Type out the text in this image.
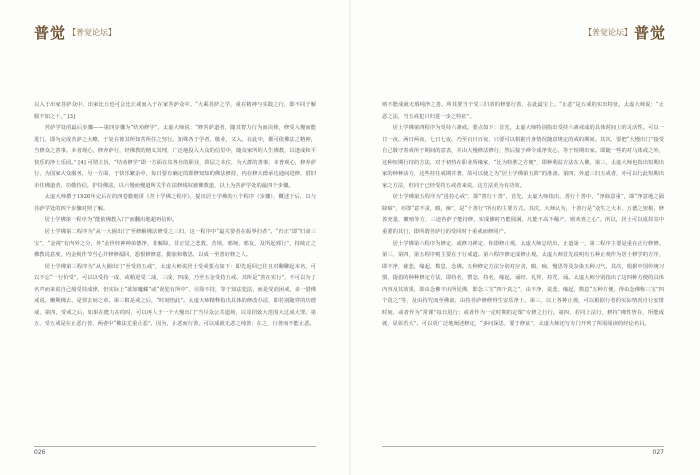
普觉 【普觉论坛】

以入于出家菩萨众中，出家比丘也可会比丘戒而入于在家菩萨众中。“大乘菩萨之学，重在精神与实践之行，即不同于解脱不如之十。” [3]

菩萨学处的最后步骤——第四步骤为“结劝修学”，太虚大师说：“修菩萨道者，随其智力行为而决择，修受入慢而能进门，即为完成菩萨之大略，于复在彼其所知菩所住之坚行。知殊各于学者，敬业，又入，在此中，都可依佛法之精神，当修众之善事。本者观心，修养萨行，经佛教的精义其理，广泛地投入大众的信里中，随众家所的人生佛教，以逢成和平快乐的净土乐园。” [4] 可谓主旨，“结劝修学”即一方面在其各自的职业，阶层之本位，为大群的善事，本普观心，修养萨行，为国家大众服务，另一方面，于快乐繁杂中，每日要有确定的即修知知的佛法修持，内在修大德承达通间进修，借旧市住佛道者，功敬待信，护持佛法，以六慢而慢道所关乎在法修线奴被佛教道，以上为菩萨学处的最四个步骤。

太虚大师撰于1926年完后在的四卷勤勉讲《菩十学佛之程序》，提出居士学佛的八个程序（步骤），概述于后，以与菩萨学处的四个步骤对照了解。

居士学佛第一程序为“能依佛教入门”而翻出地超再信仰。

居士学佛第二程序为“从一大圈出门”至修解佛法修受之三归，这一程序中“最关要者在皈界归者”。“归正”即“归命三宝”，“金视”有内外之分，外“金世经神神弟德净，非解除，非正觉之悲教，苦境，邪师，邪友，及所起邪行”，持续正之佛教说意度，内金视作节当心并修修福回，怨恨修修意，勤旅和敬思，以成一至善好修之人。

居士学佛第三程序为“从大圈出门”至受持五戒”，太虚大师说居士受戒要点如下：即先返回已往且对聊聊起末名，可以不忘“一行价受”，可以以受持一成，或稍进受二成，三成，四成，乃至五金受持五戒。其所是“善在实行”，不可以为了名声而来说自己般受持成律，但实际上“欲如魔藏”或“误犯有所中”，尽简不持，等于知法犯法，而是受消困戒，多一惜佛戒说，懒期佛去，是罪去间之章。第三根是戒之后，“时刻悟此”。太虚大师精释指出具体的修改办法，即若别随穿的功德戒，第四，受戒之后，如果在能力在的时，可以再人于一个大慢出门”当尽众公共道场，以及招致大范围大过成大罪。第五，受五戒是在止恶行善，两者中“佛法尤重止恶”，因为，止恶而行善，可以成就无恶之纯善；在之，行善而不能止恶，

026
【普觉论坛】 普觉

则不能成就无瑕纯净之善。所其要当于受三归者的修要行善，在此最宝上。“止恶”是五戒的实出特征。太虚大师说：“止恶之法，当五戒犯只归进一步之特征”。

居士学佛第四程序为受持六斋戒。要点如下：首先，太虚大师特别指出受持六斋戒成的具体时间上的灵活性。可以一日一夜，两日两夜，七日七夜，乃至百日百夜，只要可以根据自身情况随意规定的戒的期间。其次，要把“大慢出门”接受自己敬守着戒所于期间的意表，并由大慢修法修行，然后接于禅令成净发心，等于短期出家。即随一些的对马体戒之外，这种短期行持的方法，对于初热在职业所缘家，“比为特胜之方便”，即种利益方法在入佛，第三，太虚大师也指出短期出家的种种活力，这些持住戒期并著，故可以使之为“居士学佛第五阶”的准备。第四，外道三归五戒者，亦可以行此短期出家之方法，但同于已经受持五戒者来说，这方法更为有功效。

居士学佛第五程序为“进持心戒”，即“善行十善”，首先，太虚大师指出，善行十善中，“净除意重”，即“净意地之隔除瘴”，亦即“意不贪，瞋，痴”，是“十善行”所有的主要方式。其次，大师认为，十善行是“众生之大本，万德之密根，修善充量，繁殖等方，三途咨萨子能持修，实成佛时乃能圆满，凡能不高不稀产，则欢喜之心”。所以，居士可以成持其中重要的其行，即所谓菩萨行的受同时十重戒而修同产。

居士学佛第六程序为修定，或修习禅定，你即修止观。太虚大师总结出，止道第一，第二程序主要是重在正行修修。第三，第四，第五程序则主要在于行戒道。第六程序修定成修止观。太虚大师首先说明有五种止观作为居士修学的方序，即不净，慈悲，缘起，数息，念佛。五种修定方法分别对应贪，瞋，痴，慢思等及杂染五种习气，其次，根据中国传统习惯，提倡的种种修定方法，即持名，赞念，持名，缘起，诵经，礼拜，持咒，诵。太虚大师分别指出了这四种方便的具体内容及其效果，即由念佛不出所见佛，即念三宝“四个真之”，由不净，说悲，缘起，数息“五种方便，得由念佛称三宝”四个真之”等，及由持咒而至佛前，由持菩萨修修得生安乐净土，第三，以上各种止观，可以根据行者的实际情况自行安排时间，或者作为“常课”每日进行；或者作为一定时期的定课”专修之行行。第四，若同上法行，修持“佛性皆在，所能成就，显彰若大”。可以更广泛地阐述修定，“多问深思，要于修证”，太虚大师还写专门开列了所需阅读的经论名目。

027
